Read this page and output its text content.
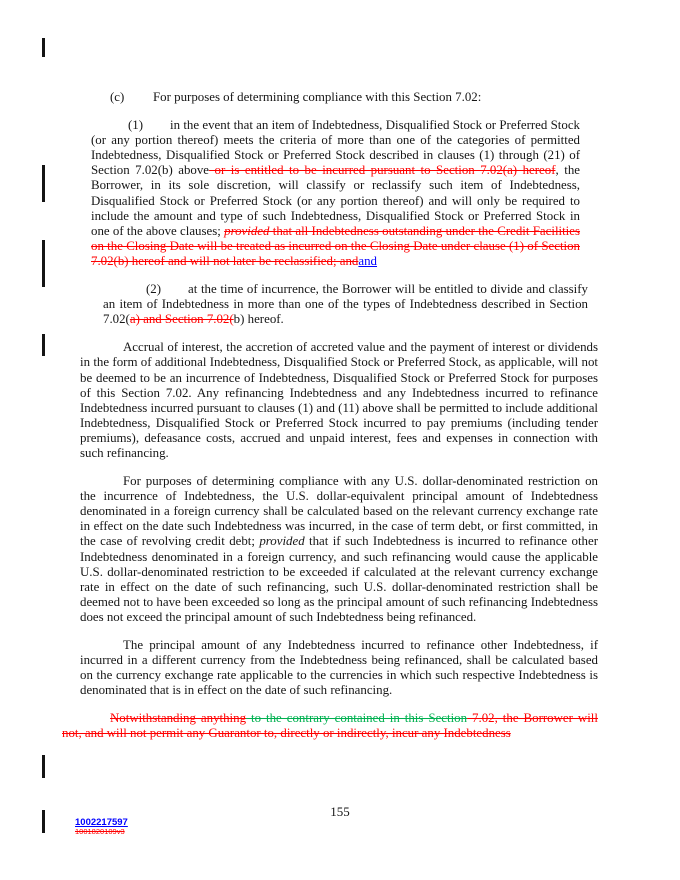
(c) For purposes of determining compliance with this Section 7.02:

(1) in the event that an item of Indebtedness, Disqualified Stock or Preferred Stock (or any portion thereof) meets the criteria of more than one of the categories of permitted Indebtedness, Disqualified Stock or Preferred Stock described in clauses (1) through (21) of Section 7.02(b) above or is entitled to be incurred pursuant to Section 7.02(a) hereof, the Borrower, in its sole discretion, will classify or reclassify such item of Indebtedness, Disqualified Stock or Preferred Stock (or any portion thereof) and will only be required to include the amount and type of such Indebtedness, Disqualified Stock or Preferred Stock in one of the above clauses; provided that all Indebtedness outstanding under the Credit Facilities on the Closing Date will be treated as incurred on the Closing Date under clause (1) of Section 7.02(b) hereof and will not later be reclassified; andand

(2) at the time of incurrence, the Borrower will be entitled to divide and classify an item of Indebtedness in more than one of the types of Indebtedness described in Section 7.02(a) and Section 7.02(b) hereof.

Accrual of interest, the accretion of accreted value and the payment of interest or dividends in the form of additional Indebtedness, Disqualified Stock or Preferred Stock, as applicable, will not be deemed to be an incurrence of Indebtedness, Disqualified Stock or Preferred Stock for purposes of this Section 7.02. Any refinancing Indebtedness and any Indebtedness incurred to refinance Indebtedness incurred pursuant to clauses (1) and (11) above shall be permitted to include additional Indebtedness, Disqualified Stock or Preferred Stock incurred to pay premiums (including tender premiums), defeasance costs, accrued and unpaid interest, fees and expenses in connection with such refinancing.

For purposes of determining compliance with any U.S. dollar-denominated restriction on the incurrence of Indebtedness, the U.S. dollar-equivalent principal amount of Indebtedness denominated in a foreign currency shall be calculated based on the relevant currency exchange rate in effect on the date such Indebtedness was incurred, in the case of term debt, or first committed, in the case of revolving credit debt; provided that if such Indebtedness is incurred to refinance other Indebtedness denominated in a foreign currency, and such refinancing would cause the applicable U.S. dollar-denominated restriction to be exceeded if calculated at the relevant currency exchange rate in effect on the date of such refinancing, such U.S. dollar-denominated restriction shall be deemed not to have been exceeded so long as the principal amount of such refinancing Indebtedness does not exceed the principal amount of such Indebtedness being refinanced.

The principal amount of any Indebtedness incurred to refinance other Indebtedness, if incurred in a different currency from the Indebtedness being refinanced, shall be calculated based on the currency exchange rate applicable to the currencies in which such respective Indebtedness is denominated that is in effect on the date of such refinancing.

Notwithstanding anything to the contrary contained in this Section 7.02, the Borrower will not, and will not permit any Guarantor to, directly or indirectly, incur any Indebtedness

155
1002217597
1001820109v3
